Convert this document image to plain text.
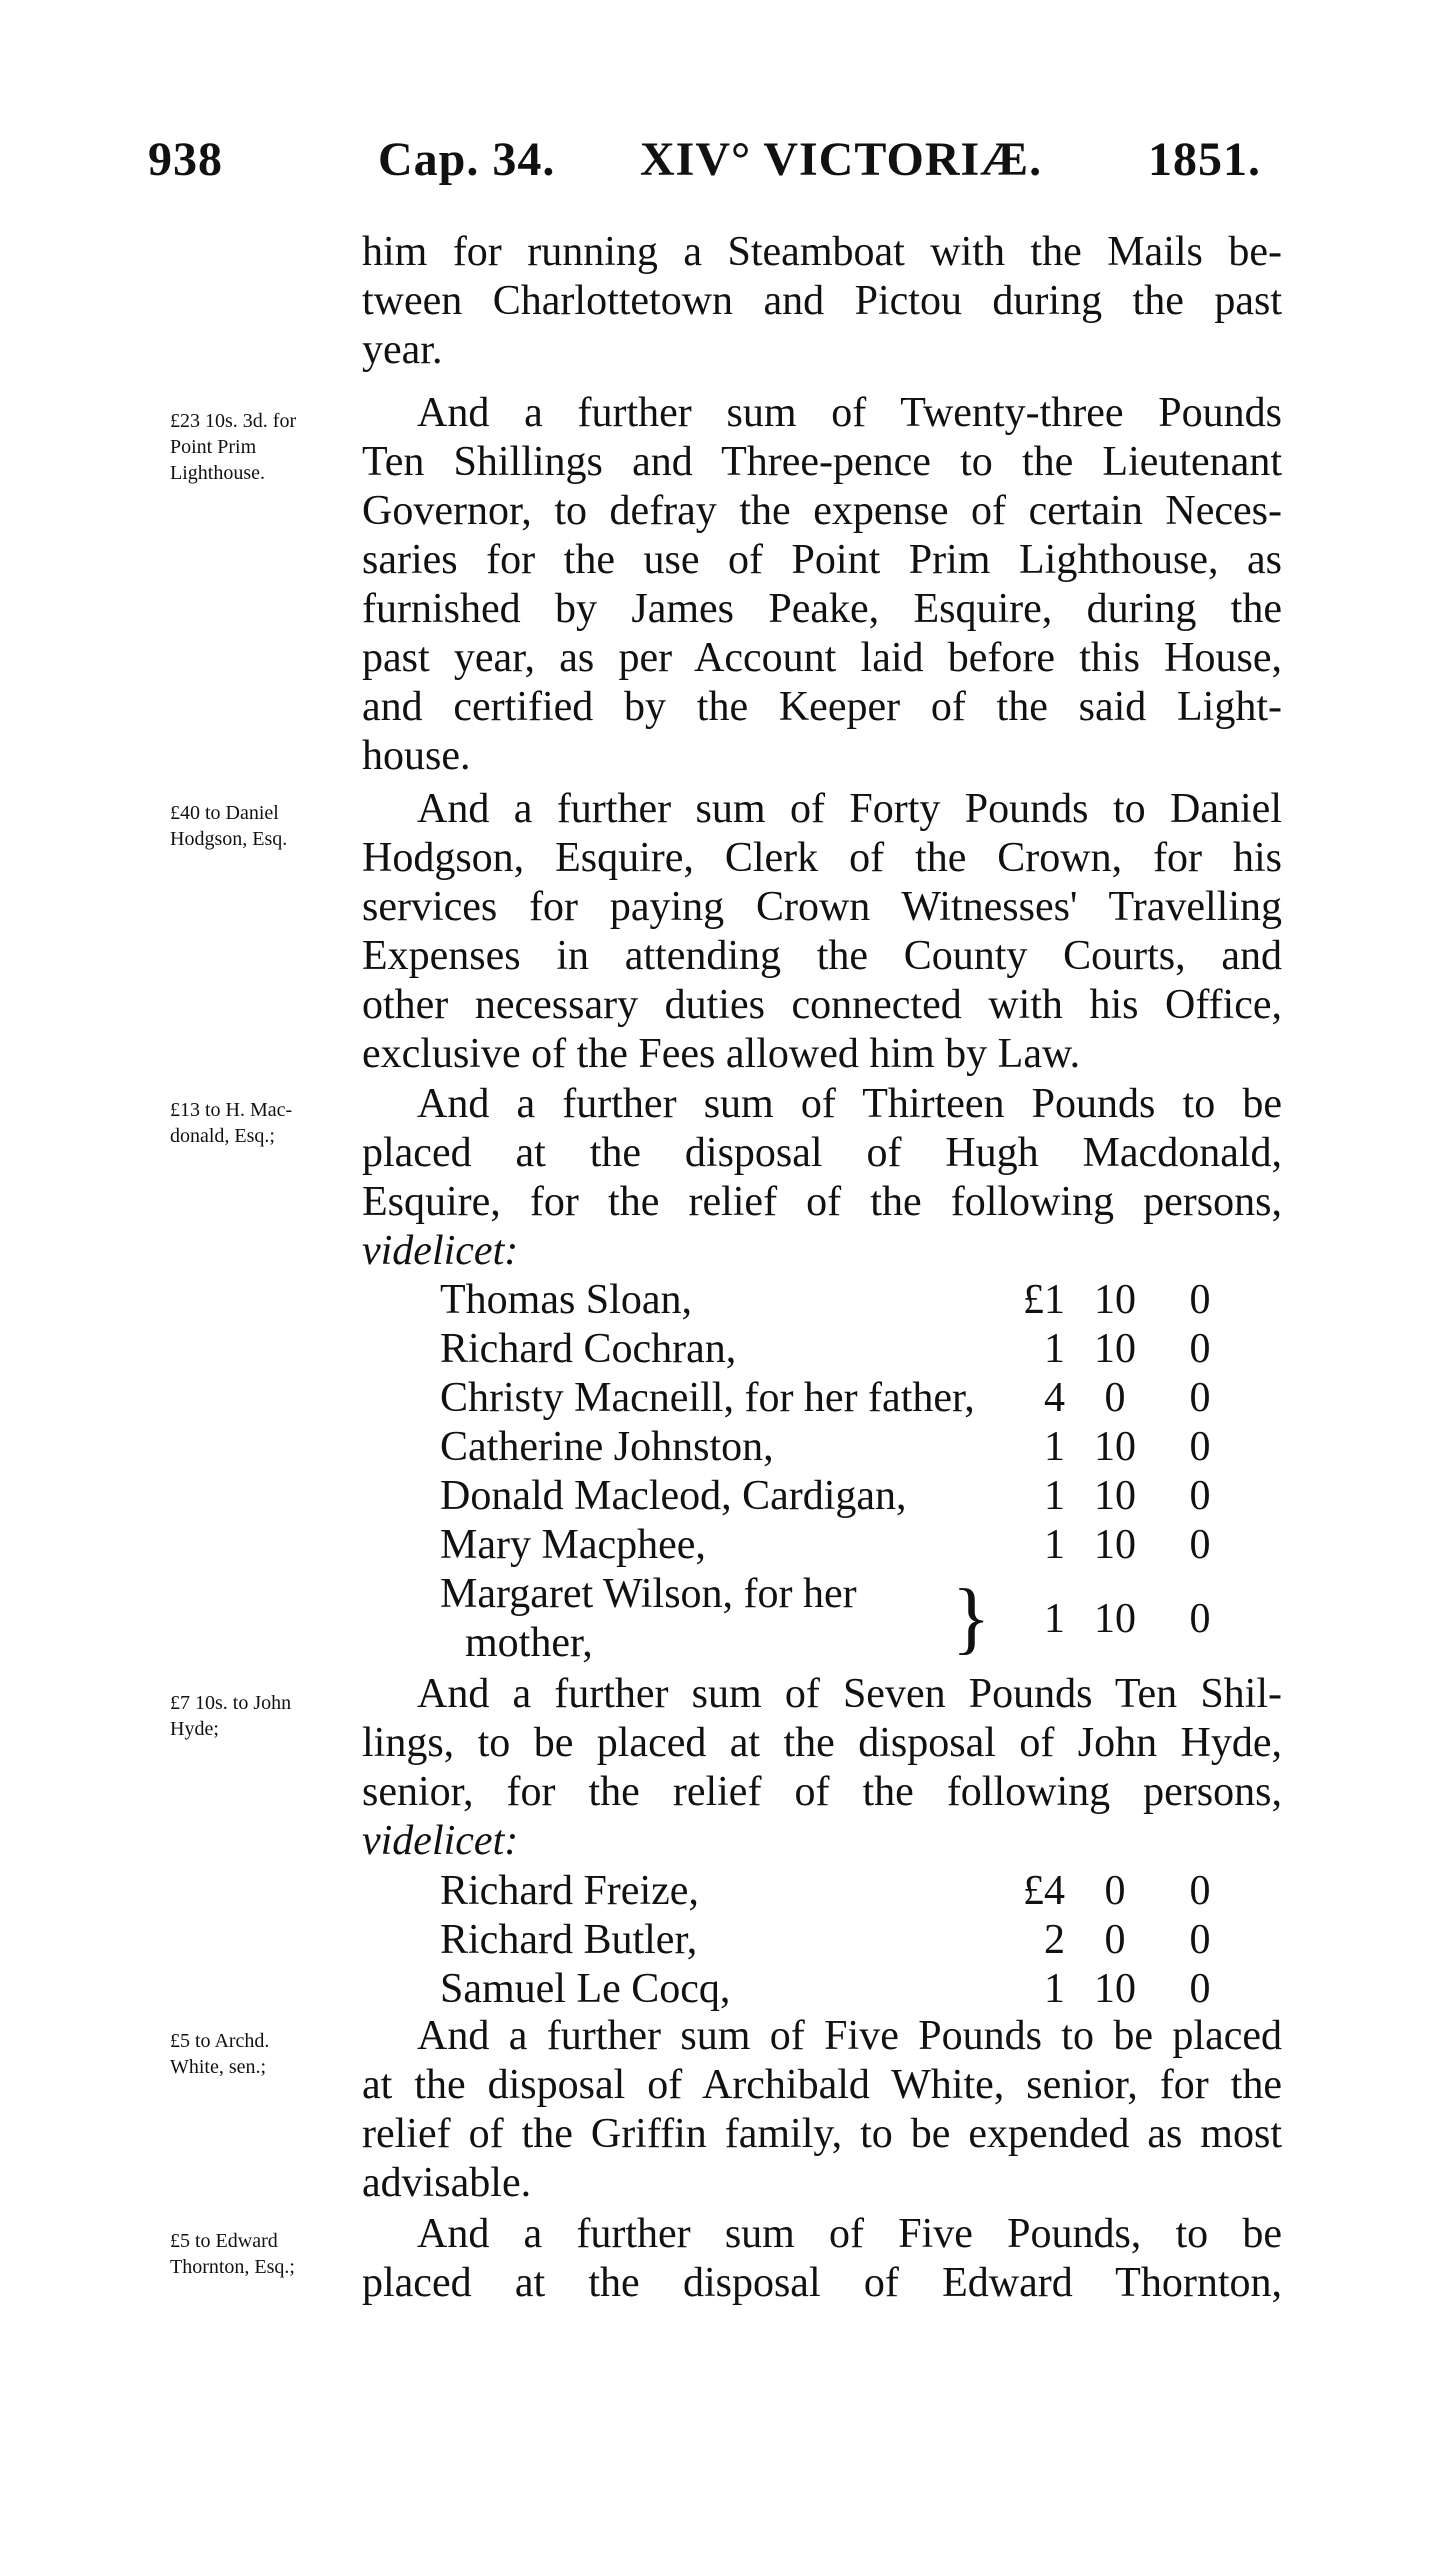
938	Cap. 34. XIV° VICTORIÆ. 1851.
him for running a Steamboat with the Mails be-
tween Charlottetown and Pictou during the past
year.
£23 10s. 3d. for
Point Prim
Lighthouse.
And a further sum of Twenty-three Pounds
Ten Shillings and Three-pence to the Lieutenant
Governor, to defray the expense of certain Neces-
saries for the use of Point Prim Lighthouse, as
furnished by James Peake, Esquire, during the
past year, as per Account laid before this House,
and certified by the Keeper of the said Light-
house.
£40 to Daniel
Hodgson, Esq.
And a further sum of Forty Pounds to Daniel
Hodgson, Esquire, Clerk of the Crown, for his
services for paying Crown Witnesses' Travelling
Expenses in attending the County Courts, and
other necessary duties connected with his Office,
exclusive of the Fees allowed him by Law.
£13 to H. Mac-
donald, Esq.;
And a further sum of Thirteen Pounds to be
placed at the disposal of Hugh Macdonald,
Esquire, for the relief of the following persons,
videlicet:
Thomas Sloan,	£1 10	0
Richard Cochran,	1 10	0
Christy Macneill, for her father, 4 0	0
Catherine Johnston,	1 10	0
Donald Macleod, Cardigan,	1 10	0
Mary Macphee,	1 10	0
Margaret Wilson, for her
mother,	} 1 10	0
£7 10s. to John
Hyde;
And a further sum of Seven Pounds Ten Shil-
lings, to be placed at the disposal of John Hyde,
senior, for the relief of the following persons,
videlicet:
Richard Freize,	£4 0	0
Richard Butler,	2 0	0
Samuel Le Cocq,	1 10	0
£5 to Archd.
White, sen.;
And a further sum of Five Pounds to be placed
at the disposal of Archibald White, senior, for the
relief of the Griffin family, to be expended as most
advisable.
£5 to Edward
Thornton, Esq.;
And a further sum of Five Pounds, to be
placed at the disposal of Edward Thornton,
